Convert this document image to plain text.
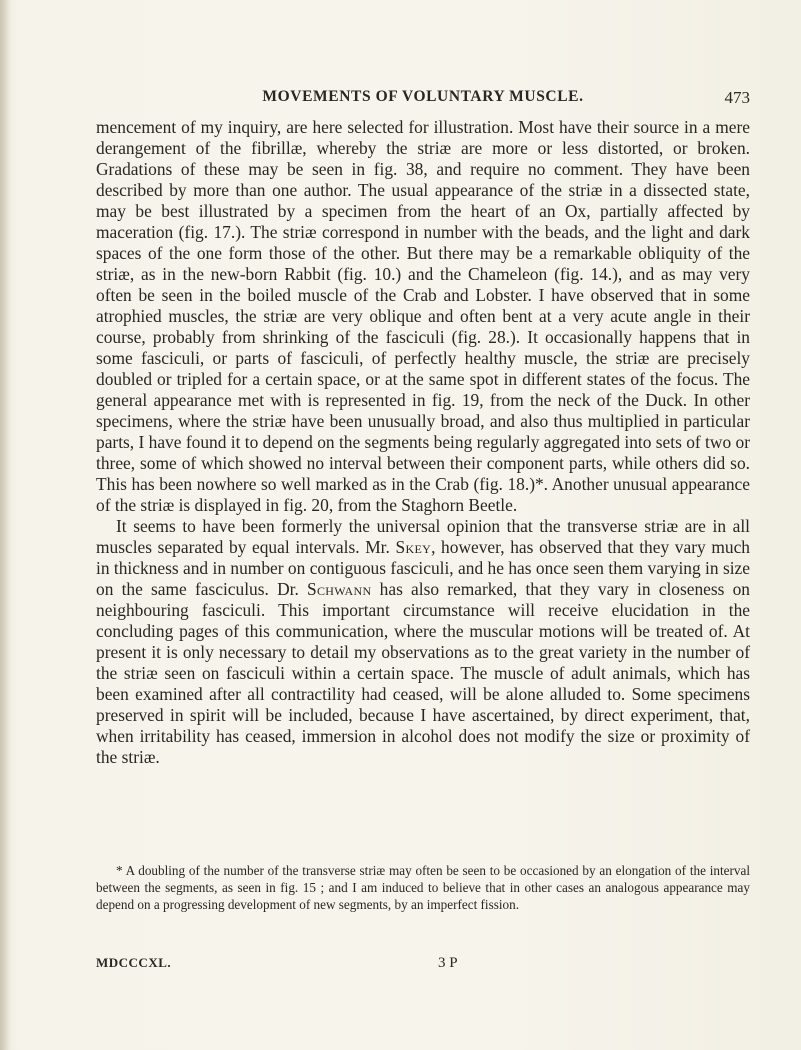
MOVEMENTS OF VOLUNTARY MUSCLE.	473

mencement of my inquiry, are here selected for illustration. Most have their source in a mere derangement of the fibrillæ, whereby the striæ are more or less distorted, or broken. Gradations of these may be seen in fig. 38, and require no comment. They have been described by more than one author. The usual appearance of the striæ in a dissected state, may be best illustrated by a specimen from the heart of an Ox, partially affected by maceration (fig. 17.). The striæ correspond in number with the beads, and the light and dark spaces of the one form those of the other. But there may be a remarkable obliquity of the striæ, as in the new-born Rabbit (fig. 10.) and the Chameleon (fig. 14.), and as may very often be seen in the boiled muscle of the Crab and Lobster. I have observed that in some atrophied muscles, the striæ are very oblique and often bent at a very acute angle in their course, probably from shrinking of the fasciculi (fig. 28.). It occasionally happens that in some fasciculi, or parts of fasciculi, of perfectly healthy muscle, the striæ are precisely doubled or tripled for a certain space, or at the same spot in different states of the focus. The general appearance met with is represented in fig. 19, from the neck of the Duck. In other specimens, where the striæ have been unusually broad, and also thus multiplied in particular parts, I have found it to depend on the segments being regularly aggregated into sets of two or three, some of which showed no interval between their component parts, while others did so. This has been nowhere so well marked as in the Crab (fig. 18.)*. Another unusual appearance of the striæ is displayed in fig. 20, from the Staghorn Beetle.

It seems to have been formerly the universal opinion that the transverse striæ are in all muscles separated by equal intervals. Mr. Skey, however, has observed that they vary much in thickness and in number on contiguous fasciculi, and he has once seen them varying in size on the same fasciculus. Dr. Schwann has also remarked, that they vary in closeness on neighbouring fasciculi. This important circumstance will receive elucidation in the concluding pages of this communication, where the muscular motions will be treated of. At present it is only necessary to detail my observations as to the great variety in the number of the striæ seen on fasciculi within a certain space. The muscle of adult animals, which has been examined after all contractility had ceased, will be alone alluded to. Some specimens preserved in spirit will be included, because I have ascertained, by direct experiment, that, when irritability has ceased, immersion in alcohol does not modify the size or proximity of the striæ.

* A doubling of the number of the transverse striæ may often be seen to be occasioned by an elongation of the interval between the segments, as seen in fig. 15 ; and I am induced to believe that in other cases an analogous appearance may depend on a progressing development of new segments, by an imperfect fission.

MDCCCXL.	3 P
